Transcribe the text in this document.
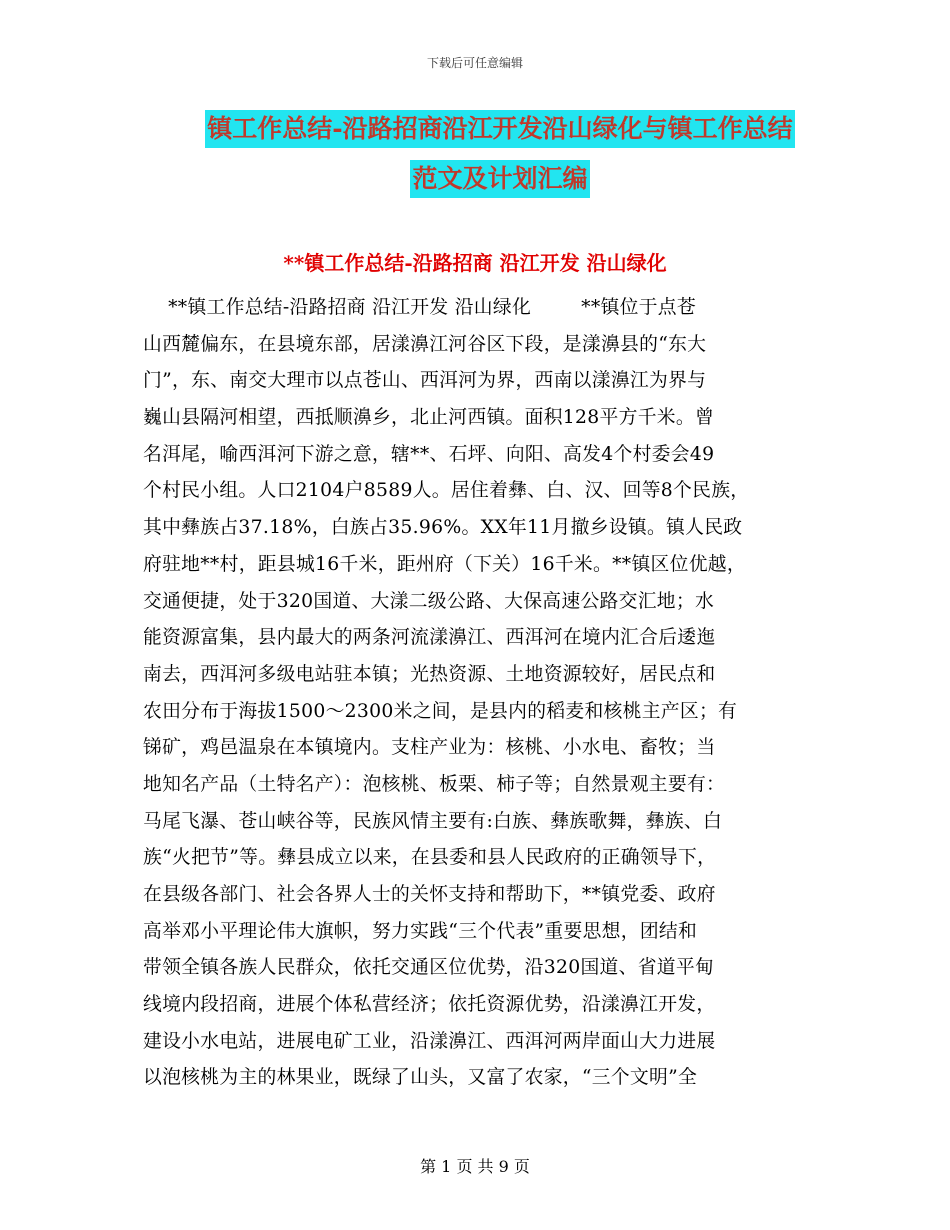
下载后可任意编辑
镇工作总结-沿路招商沿江开发沿山绿化与镇工作总结
范文及计划汇编
**镇工作总结-沿路招商 沿江开发 沿山绿化
**镇工作总结-沿路招商 沿江开发 沿山绿化        **镇位于点苍
山西麓偏东，在县境东部，居漾濞江河谷区下段，是漾濞县的“东大
门”，东、南交大理市以点苍山、西洱河为界，西南以漾濞江为界与
巍山县隔河相望，西抵顺濞乡，北止河西镇。面积128平方千米。曾
名洱尾，喻西洱河下游之意，辖**、石坪、向阳、高发4个村委会49
个村民小组。人口2104户8589人。居住着彝、白、汉、回等8个民族，
其中彝族占37.18%，白族占35.96%。XX年11月撤乡设镇。镇人民政
府驻地**村，距县城16千米，距州府（下关）16千米。**镇区位优越，
交通便捷，处于320国道、大漾二级公路、大保高速公路交汇地；水
能资源富集，县内最大的两条河流漾濞江、西洱河在境内汇合后逶迤
南去，西洱河多级电站驻本镇；光热资源、土地资源较好，居民点和
农田分布于海拔1500～2300米之间，是县内的稻麦和核桃主产区；有
锑矿，鸡邑温泉在本镇境内。支柱产业为：核桃、小水电、畜牧；当
地知名产品（土特名产）：泡核桃、板栗、柿子等；自然景观主要有：
马尾飞瀑、苍山峡谷等，民族风情主要有:白族、彝族歌舞，彝族、白
族“火把节”等。彝县成立以来，在县委和县人民政府的正确领导下，
在县级各部门、社会各界人士的关怀支持和帮助下，**镇党委、政府
高举邓小平理论伟大旗帜，努力实践“三个代表”重要思想，团结和
带领全镇各族人民群众，依托交通区位优势，沿320国道、省道平甸
线境内段招商，进展个体私营经济；依托资源优势，沿漾濞江开发，
建设小水电站，进展电矿工业，沿漾濞江、西洱河两岸面山大力进展
以泡核桃为主的林果业，既绿了山头，又富了农家，“三个文明”全
第 1 页 共 9 页
